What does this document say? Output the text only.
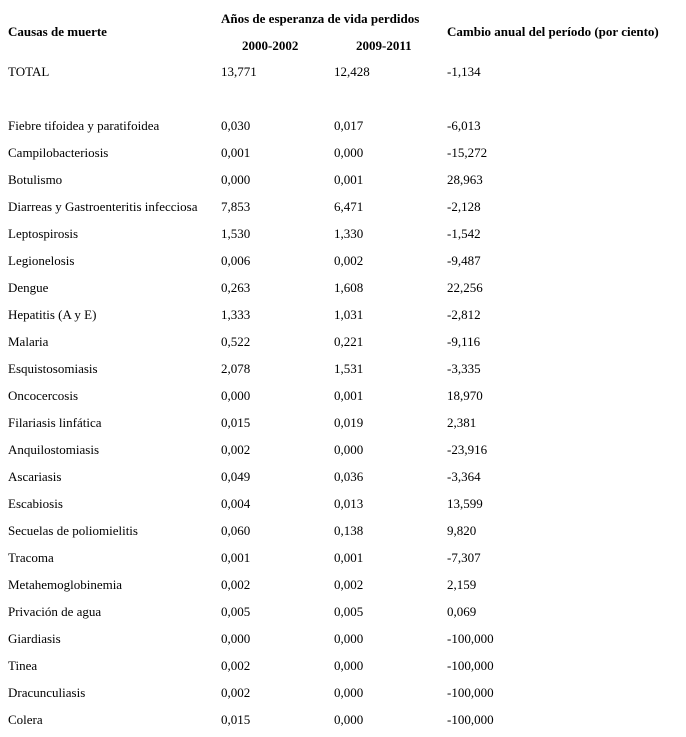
Causas de muerte
Años de esperanza de vida perdidos
2000-2002	2009-2011
Cambio anual del período (por ciento)
TOTAL	13,771	12,428	-1,134
Fiebre tifoidea y paratifoidea	0,030	0,017	-6,013
Campilobacteriosis	0,001	0,000	-15,272
Botulismo	0,000	0,001	28,963
Diarreas y Gastroenteritis infecciosa 7,853	6,471	-2,128
Leptospirosis	1,530	1,330	-1,542
Legionelosis	0,006	0,002	-9,487
Dengue	0,263	1,608	22,256
Hepatitis (A y E)	1,333	1,031	-2,812
Malaria	0,522	0,221	-9,116
Esquistosomiasis	2,078	1,531	-3,335
Oncocercosis	0,000	0,001	18,970
Filariasis linfática	0,015	0,019	2,381
Anquilostomiasis	0,002	0,000	-23,916
Ascariasis	0,049	0,036	-3,364
Escabiosis	0,004	0,013	13,599
Secuelas de poliomielitis	0,060	0,138	9,820
Tracoma	0,001	0,001	-7,307
Metahemoglobinemia	0,002	0,002	2,159
Privación de agua	0,005	0,005	0,069
Giardiasis	0,000	0,000	-100,000
Tinea	0,002	0,000	-100,000
Dracunculiasis	0,002	0,000	-100,000
Colera	0,015	0,000	-100,000
